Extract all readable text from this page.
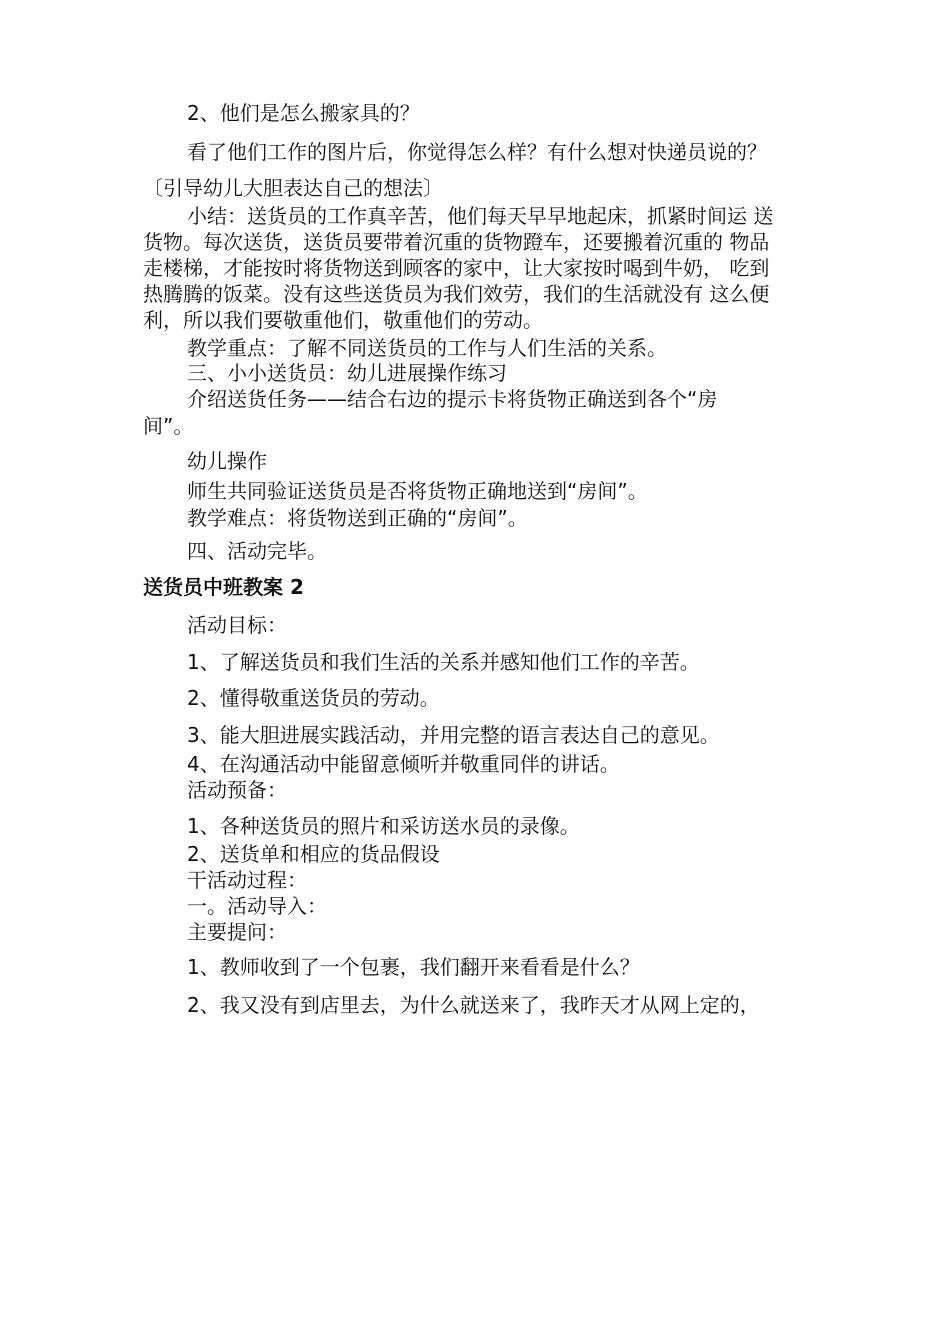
2、他们是怎么搬家具的？

看了他们工作的图片后，你觉得怎么样？有什么想对快递员说的？

〔引导幼儿大胆表达自己的想法〕

小结：送货员的工作真辛苦，他们每天早早地起床，抓紧时间运 送

货物。每次送货，送货员要带着沉重的货物蹬车，还要搬着沉重的 物品

走楼梯，才能按时将货物送到顾客的家中，让大家按时喝到牛奶， 吃到

热腾腾的饭菜。没有这些送货员为我们效劳，我们的生活就没有 这么便

利，所以我们要敬重他们，敬重他们的劳动。

教学重点：了解不同送货员的工作与人们生活的关系。

三、小小送货员：幼儿进展操作练习

介绍送货任务——结合右边的提示卡将货物正确送到各个“房

间”。

幼儿操作

师生共同验证送货员是否将货物正确地送到“房间”。

教学难点：将货物送到正确的“房间”。

四、活动完毕。

送货员中班教案 2

活动目标：

1、了解送货员和我们生活的关系并感知他们工作的辛苦。

2、懂得敬重送货员的劳动。

3、能大胆进展实践活动，并用完整的语言表达自己的意见。

4、在沟通活动中能留意倾听并敬重同伴的讲话。

活动预备：

1、各种送货员的照片和采访送水员的录像。

2、送货单和相应的货品假设

干活动过程：

一。活动导入：

主要提问：

1、教师收到了一个包裹，我们翻开来看看是什么？

2、我又没有到店里去，为什么就送来了，我昨天才从网上定的，
